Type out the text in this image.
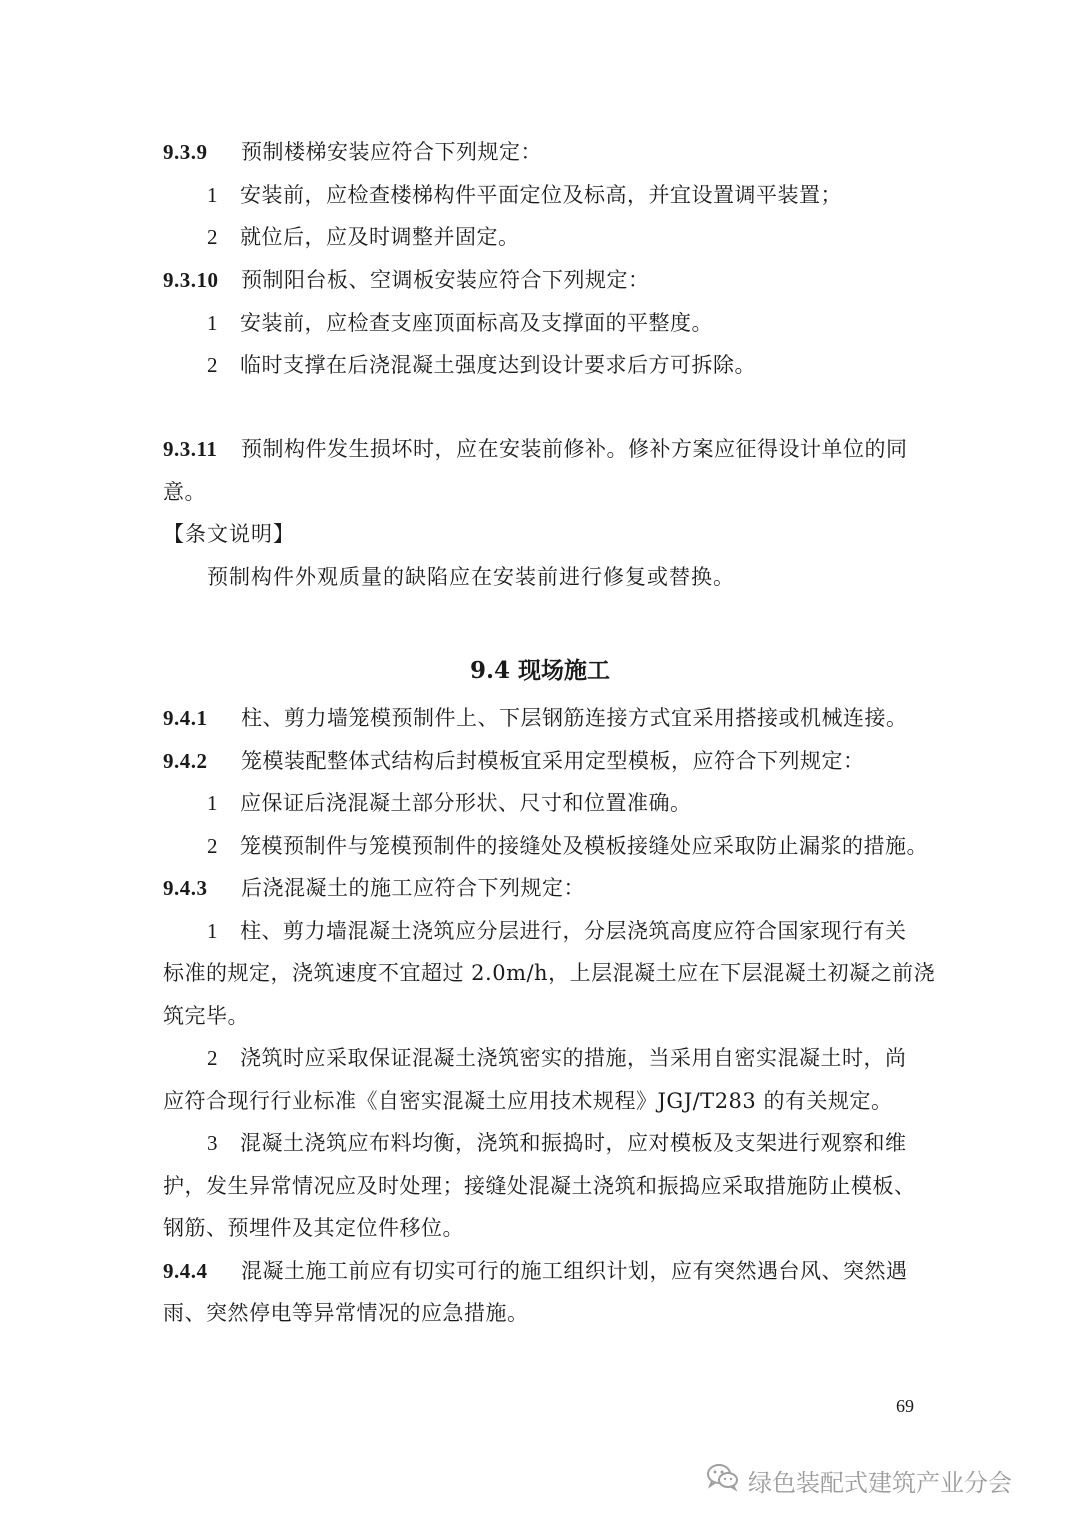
9.3.9 预制楼梯安装应符合下列规定：
1 安装前，应检查楼梯构件平面定位及标高，并宜设置调平装置；
2 就位后，应及时调整并固定。
9.3.10 预制阳台板、空调板安装应符合下列规定：
1 安装前，应检查支座顶面标高及支撑面的平整度。
2 临时支撑在后浇混凝土强度达到设计要求后方可拆除。
9.3.11 预制构件发生损坏时，应在安装前修补。修补方案应征得设计单位的同
意。
【条文说明】
预制构件外观质量的缺陷应在安装前进行修复或替换。
9.4 现场施工
9.4.1 柱、剪力墙笼模预制件上、下层钢筋连接方式宜采用搭接或机械连接。
9.4.2 笼模装配整体式结构后封模板宜采用定型模板，应符合下列规定：
1 应保证后浇混凝土部分形状、尺寸和位置准确。
2 笼模预制件与笼模预制件的接缝处及模板接缝处应采取防止漏浆的措施。
9.4.3 后浇混凝土的施工应符合下列规定：
1 柱、剪力墙混凝土浇筑应分层进行，分层浇筑高度应符合国家现行有关
标准的规定，浇筑速度不宜超过 2.0m/h，上层混凝土应在下层混凝土初凝之前浇
筑完毕。
2 浇筑时应采取保证混凝土浇筑密实的措施，当采用自密实混凝土时，尚
应符合现行行业标准《自密实混凝土应用技术规程》JGJ/T283 的有关规定。
3 混凝土浇筑应布料均衡，浇筑和振捣时，应对模板及支架进行观察和维
护，发生异常情况应及时处理；接缝处混凝土浇筑和振捣应采取措施防止模板、
钢筋、预埋件及其定位件移位。
9.4.4 混凝土施工前应有切实可行的施工组织计划，应有突然遇台风、突然遇
雨、突然停电等异常情况的应急措施。
69
绿色装配式建筑产业分会
